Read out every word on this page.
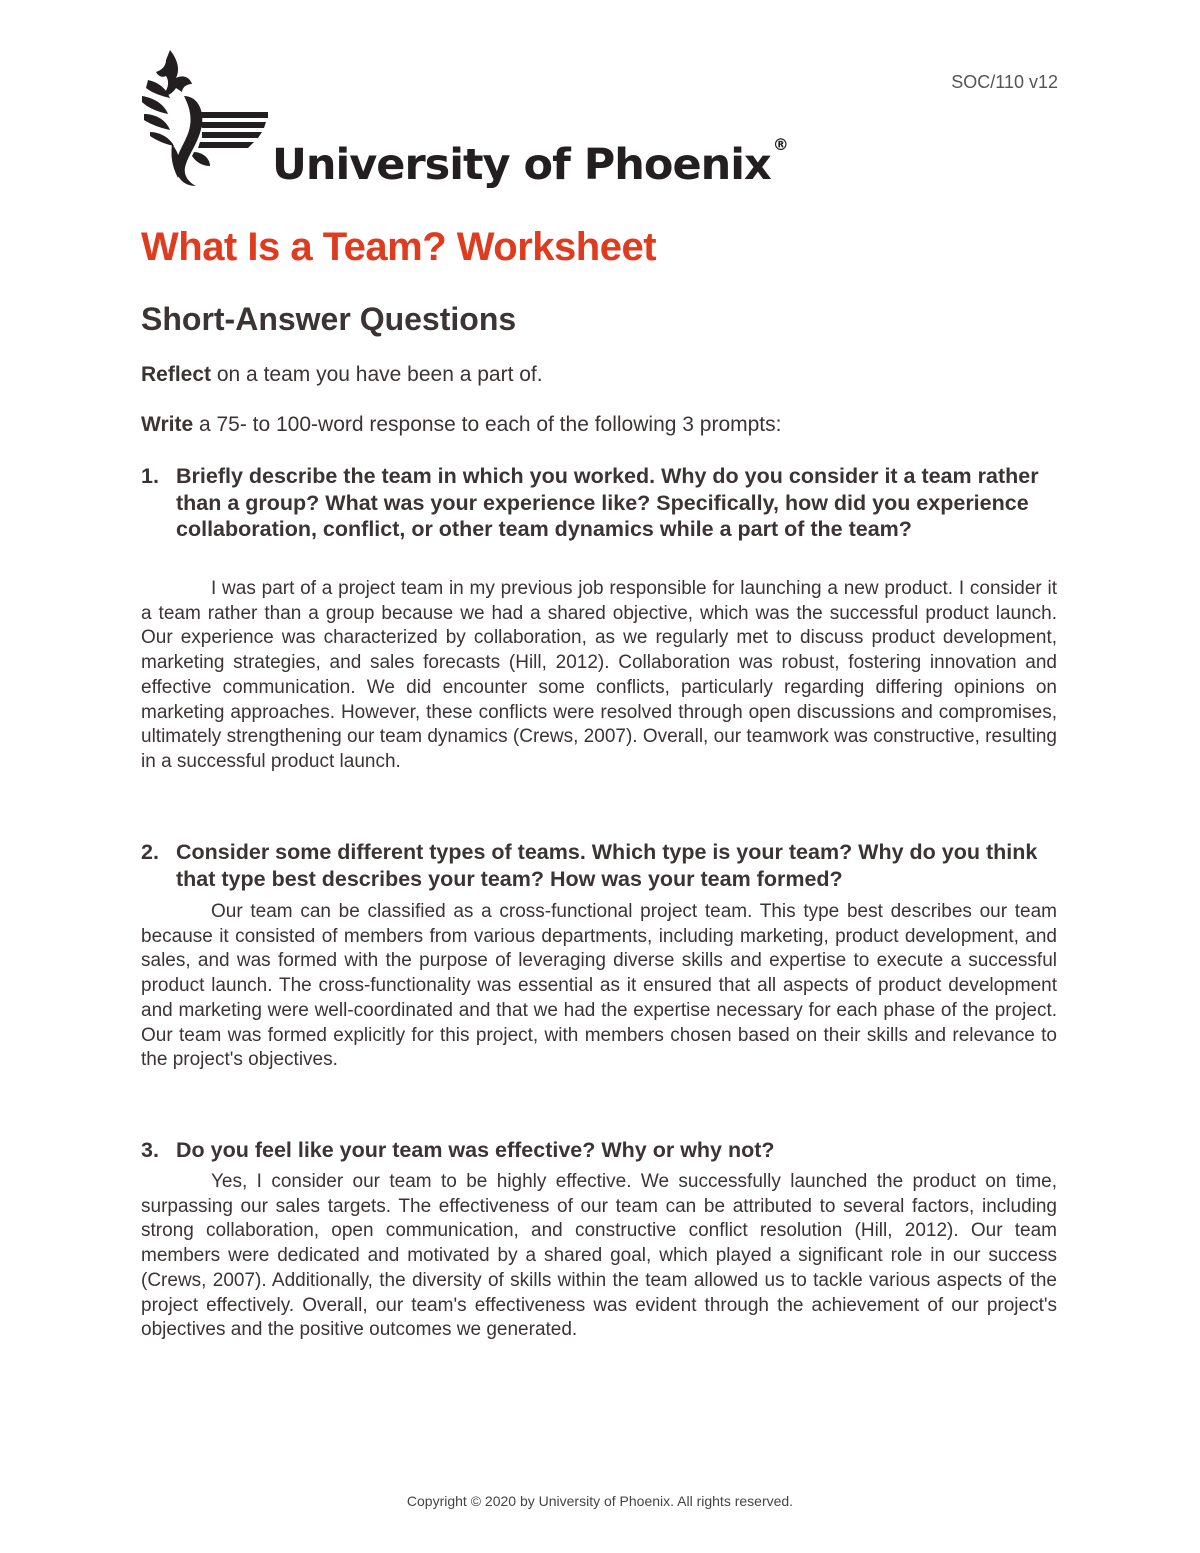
University of Phoenix ®

SOC/110 v12
What Is a Team? Worksheet
Short-Answer Questions

Reflect on a team you have been a part of.

Write a 75- to 100-word response to each of the following 3 prompts:

1. Briefly describe the team in which you worked. Why do you consider it a team rather than a group? What was your experience like? Specifically, how did you experience collaboration, conflict, or other team dynamics while a part of the team?

I was part of a project team in my previous job responsible for launching a new product. I consider it a team rather than a group because we had a shared objective, which was the successful product launch. Our experience was characterized by collaboration, as we regularly met to discuss product development, marketing strategies, and sales forecasts (Hill, 2012). Collaboration was robust, fostering innovation and effective communication. We did encounter some conflicts, particularly regarding differing opinions on marketing approaches. However, these conflicts were resolved through open discussions and compromises, ultimately strengthening our team dynamics (Crews, 2007). Overall, our teamwork was constructive, resulting in a successful product launch.

2. Consider some different types of teams. Which type is your team? Why do you think that type best describes your team? How was your team formed?

Our team can be classified as a cross-functional project team. This type best describes our team because it consisted of members from various departments, including marketing, product development, and sales, and was formed with the purpose of leveraging diverse skills and expertise to execute a successful product launch. The cross-functionality was essential as it ensured that all aspects of product development and marketing were well-coordinated and that we had the expertise necessary for each phase of the project. Our team was formed explicitly for this project, with members chosen based on their skills and relevance to the project's objectives.

3. Do you feel like your team was effective? Why or why not?

Yes, I consider our team to be highly effective. We successfully launched the product on time, surpassing our sales targets. The effectiveness of our team can be attributed to several factors, including strong collaboration, open communication, and constructive conflict resolution (Hill, 2012). Our team members were dedicated and motivated by a shared goal, which played a significant role in our success (Crews, 2007). Additionally, the diversity of skills within the team allowed us to tackle various aspects of the project effectively. Overall, our team's effectiveness was evident through the achievement of our project's objectives and the positive outcomes we generated.

Copyright © 2020 by University of Phoenix. All rights reserved.
